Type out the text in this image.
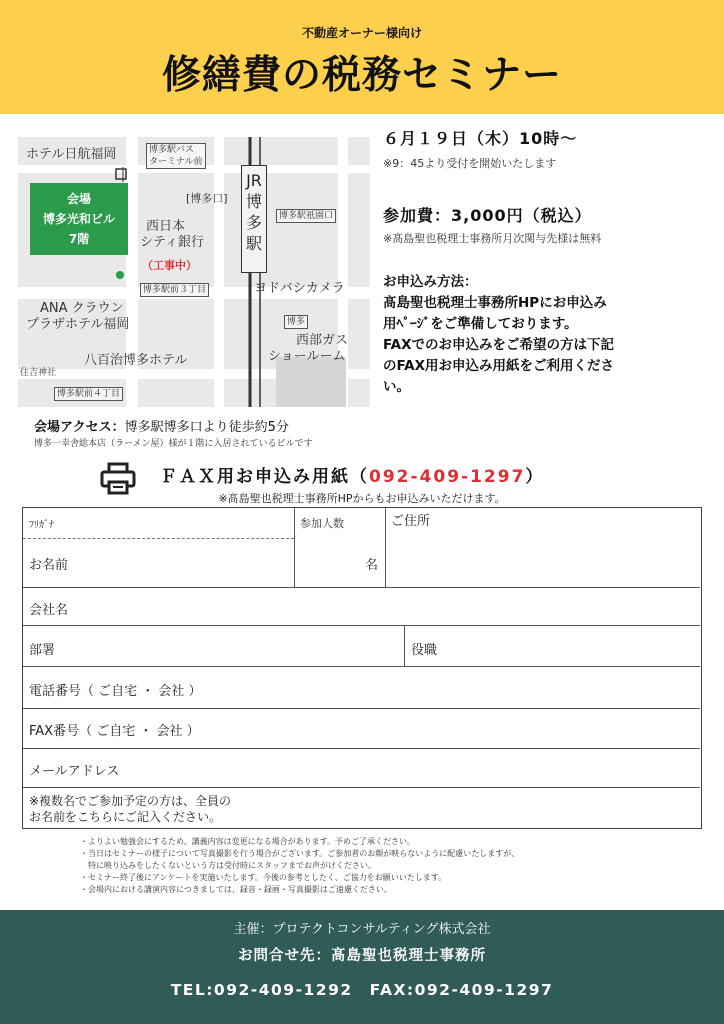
不動産オーナー様向け
修繕費の税務セミナー
ホテル日航福岡	博多駅バス
ターミナル前
[博多口]
西日本
シティ銀行
（工事中）
博多駅祇園口
ヨドバシカメラ
博多駅前３丁目
ANA クラウン
プラザホテル福岡	博多
西部ガス
ショールーム
八百治博多ホテル
住吉神社
博多駅前４丁目
JR博多駅
会場
博多光和ビル
7階
６月１９日（木）10時〜
※9：45より受付を開始いたします
参加費：3,000円（税込）
※髙島聖也税理士事務所月次関与先様は無料
お申込み方法：
髙島聖也税理士事務所HPにお申込み
用ﾍﾟｰｼﾞをご準備しております。
FAXでのお申込みをご希望の方は下記
のFAX用お申込み用紙をご利用くださ
い。
会場アクセス：博多駅博多口より徒歩約5分
博多一幸舎総本店（ラーメン屋）様が１階に入居されているビルです
ＦＡＸ用お申込み用紙（092-409-1297）
※髙島聖也税理士事務所HPからもお申込みいただけます。
ﾌﾘｶﾞﾅ
お名前
参加人数
名
ご住所
会社名
部署	役職
電話番号（ ご自宅 ・ 会社 ）
FAX番号（ ご自宅 ・ 会社 ）
メールアドレス
※複数名でご参加予定の方は、全員の
お名前をこちらにご記入ください。
・よりよい勉強会にするため、講義内容は変更になる場合があります。予めご了承ください。
・当日はセミナーの様子について写真撮影を行う場合がございます。ご参加者のお顔が映らないように配慮いたしますが、
　特に映り込みをしたくないという方は受付時にスタッフまでお声がけください。
・セミナー終了後にアンケートを実施いたします。今後の参考としたく、ご協力をお願いいたします。
・会場内における講演内容につきましては、録音・録画・写真撮影はご遠慮ください。
主催：プロテクトコンサルティング株式会社
お問合せ先：髙島聖也税理士事務所
TEL:092-409-1292　FAX:092-409-1297
